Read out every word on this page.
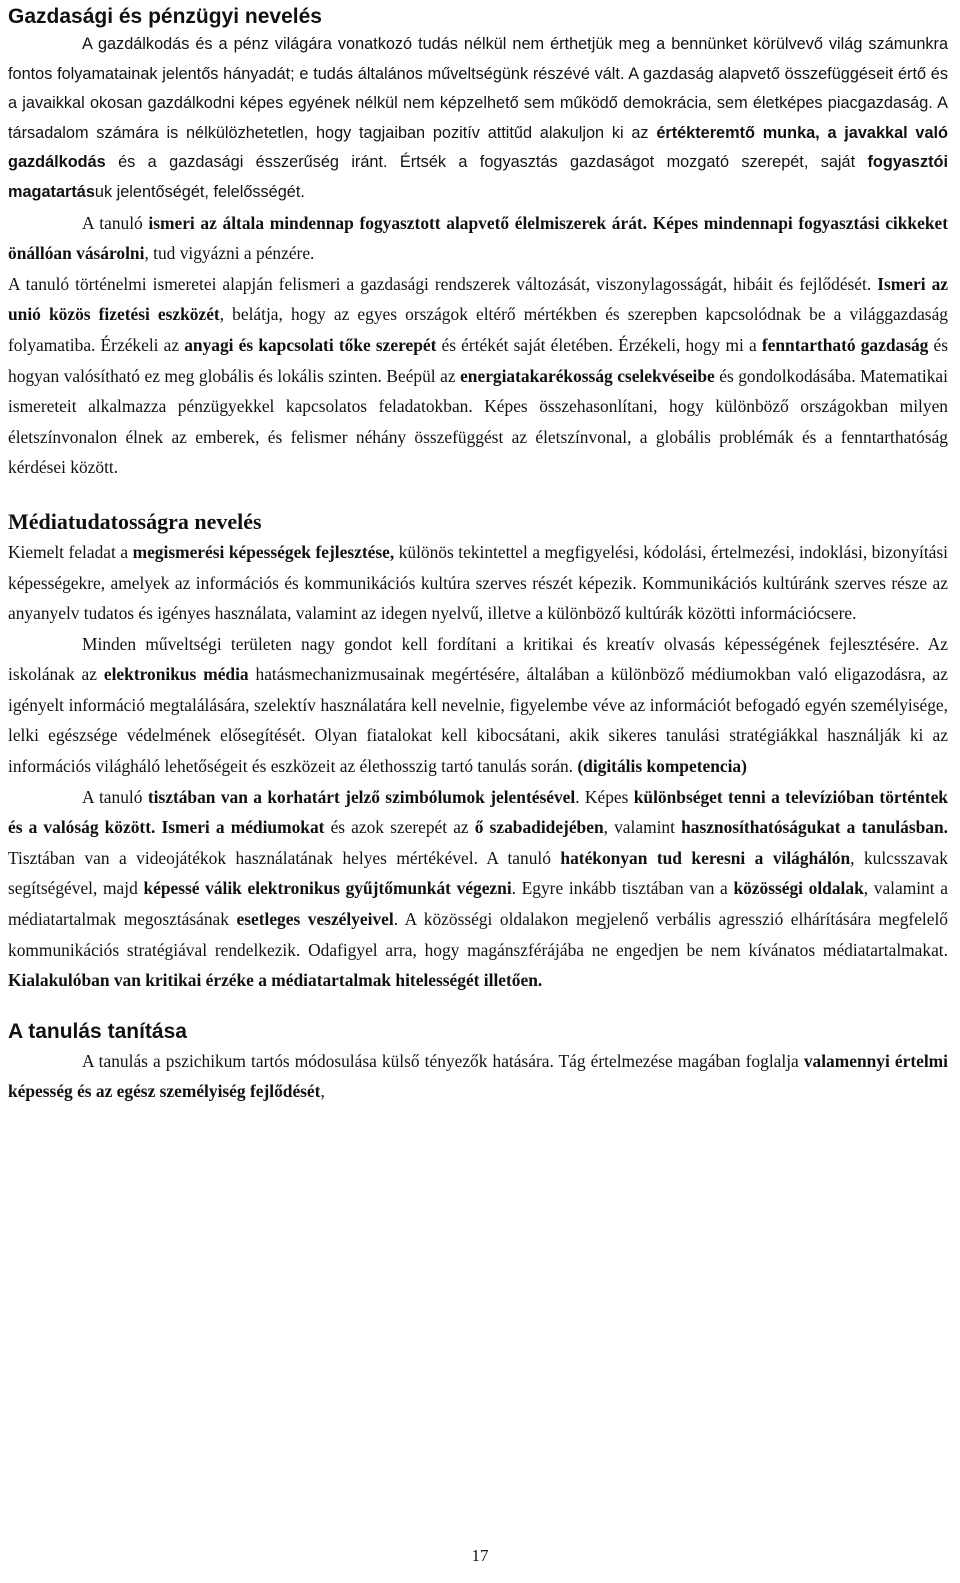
Gazdasági és pénzügyi nevelés

A gazdálkodás és a pénz világára vonatkozó tudás nélkül nem érthetjük meg a bennünket körülvevő világ számunkra fontos folyamatainak jelentős hányadát; e tudás általános műveltségünk részévé vált. A gazdaság alapvető összefüggéseit értő és a javaikkal okosan gazdálkodni képes egyének nélkül nem képzelhető sem működő demokrácia, sem életképes piacgazdaság. A társadalom számára is nélkülözhetetlen, hogy tagjaiban pozitív attitűd alakuljon ki az értékteremtő munka, a javakkal való gazdálkodás és a gazdasági ésszerűség iránt. Értsék a fogyasztás gazdaságot mozgató szerepét, saját fogyasztói magatartásuk jelentőségét, felelősségét.

A tanuló ismeri az általa mindennap fogyasztott alapvető élelmiszerek árát. Képes mindennapi fogyasztási cikkeket önállóan vásárolni, tud vigyázni a pénzére.

A tanuló történelmi ismeretei alapján felismeri a gazdasági rendszerek változását, viszonylagosságát, hibáit és fejlődését. Ismeri az unió közös fizetési eszközét, belátja, hogy az egyes országok eltérő mértékben és szerepben kapcsolódnak be a világgazdaság folyamatiba. Érzékeli az anyagi és kapcsolati tőke szerepét és értékét saját életében. Érzékeli, hogy mi a fenntartható gazdaság és hogyan valósítható ez meg globális és lokális szinten. Beépül az energiatakarékosság cselekvéseibe és gondolkodásába. Matematikai ismereteit alkalmazza pénzügyekkel kapcsolatos feladatokban. Képes összehasonlítani, hogy különböző országokban milyen életszínvonalon élnek az emberek, és felismer néhány összefüggést az életszínvonal, a globális problémák és a fenntarthatóság kérdései között.

Médiatudatosságra nevelés

Kiemelt feladat a megismerési képességek fejlesztése, különös tekintettel a megfigyelési, kódolási, értelmezési, indoklási, bizonyítási képességekre, amelyek az információs és kommunikációs kultúra szerves részét képezik. Kommunikációs kultúránk szerves része az anyanyelv tudatos és igényes használata, valamint az idegen nyelvű, illetve a különböző kultúrák közötti információcsere.

Minden műveltségi területen nagy gondot kell fordítani a kritikai és kreatív olvasás képességének fejlesztésére. Az iskolának az elektronikus média hatásmechanizmusainak megértésére, általában a különböző médiumokban való eligazodásra, az igényelt információ megtalálására, szelektív használatára kell nevelnie, figyelembe véve az információt befogadó egyén személyisége, lelki egészsége védelmének elősegítését. Olyan fiatalokat kell kibocsátani, akik sikeres tanulási stratégiákkal használják ki az információs világháló lehetőségeit és eszközeit az élethosszig tartó tanulás során. (digitális kompetencia)

A tanuló tisztában van a korhatárt jelző szimbólumok jelentésével. Képes különbséget tenni a televízióban történtek és a valóság között. Ismeri a médiumokat és azok szerepét az ő szabadidejében, valamint hasznosíthatóságukat a tanulásban. Tisztában van a videojátékok használatának helyes mértékével. A tanuló hatékonyan tud keresni a világhálón, kulcsszavak segítségével, majd képessé válik elektronikus gyűjtőmunkát végezni. Egyre inkább tisztában van a közösségi oldalak, valamint a médiatartalmak megosztásának esetleges veszélyeivel. A közösségi oldalakon megjelenő verbális agresszió elhárítására megfelelő kommunikációs stratégiával rendelkezik. Odafigyel arra, hogy magánszférájába ne engedjen be nem kívánatos médiatartalmakat. Kialakulóban van kritikai érzéke a médiatartalmak hitelességét illetően.

A tanulás tanítása

A tanulás a pszichikum tartós módosulása külső tényezők hatására. Tág értelmezése magában foglalja valamennyi értelmi képesség és az egész személyiség fejlődését,

17
